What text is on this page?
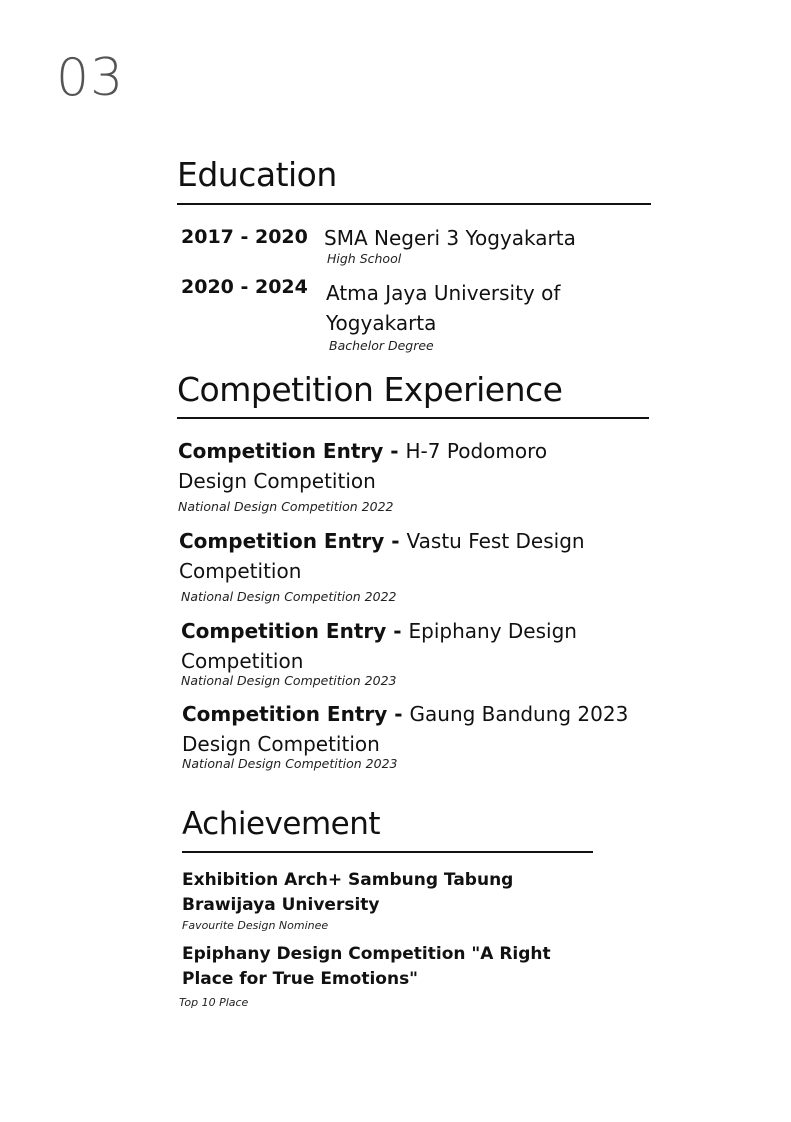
03
Education
2017 - 2020 SMA Negeri 3 Yogyakarta
High School
2020 - 2024 Atma Jaya University of Yogyakarta
Bachelor Degree
Competition Experience
Competition Entry - H-7 Podomoro Design Competition
National Design Competition 2022
Competition Entry - Vastu Fest Design Competition
National Design Competition 2022
Competition Entry - Epiphany Design Competition
National Design Competition 2023
Competition Entry - Gaung Bandung 2023 Design Competition
National Design Competition 2023
Achievement
Exhibition Arch+ Sambung Tabung Brawijaya University
Favourite Design Nominee
Epiphany Design Competition "A Right Place for True Emotions"
Top 10 Place
